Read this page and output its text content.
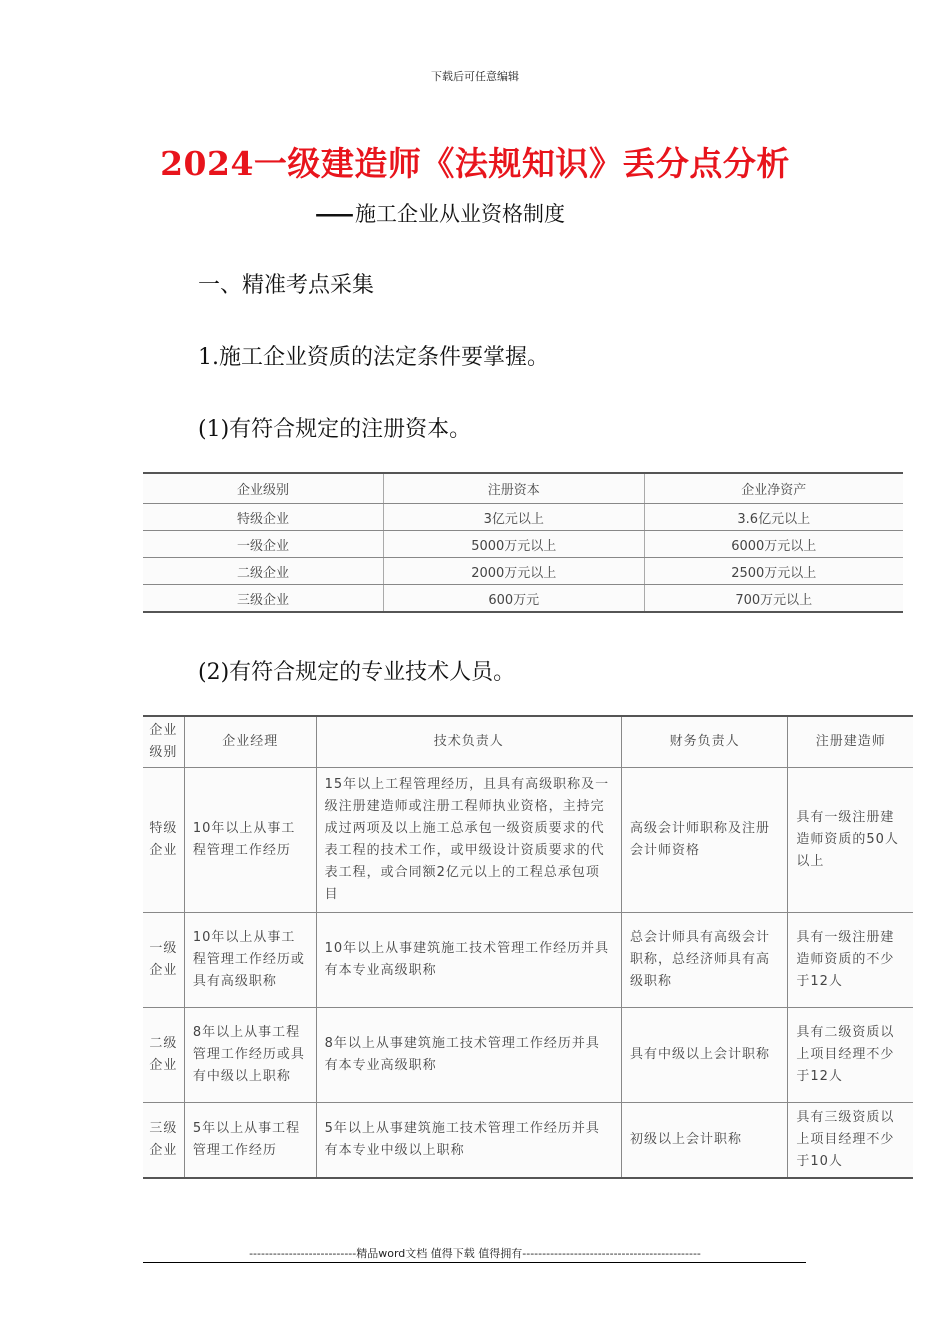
下载后可任意编辑
2024一级建造师《法规知识》丢分点分析
—— 施工企业从业资格制度
一、精准考点采集
1.施工企业资质的法定条件要掌握。
(1)有符合规定的注册资本。
企业级别	注册资本	企业净资产
特级企业	3亿元以上	3.6亿元以上
一级企业	5000万元以上	6000万元以上
二级企业	2000万元以上	2500万元以上
三级企业	600万元	700万元以上
(2)有符合规定的专业技术人员。
企业级别	企业经理	技术负责人	财务负责人	注册建造师
特级企业	10年以上从事工程管理工作经历	15年以上工程管理经历，且具有高级职称及一级注册建造师或注册工程师执业资格，主持完成过两项及以上施工总承包一级资质要求的代表工程的技术工作，或甲级设计资质要求的代表工程，或合同额2亿元以上的工程总承包项目	高级会计师职称及注册会计师资格	具有一级注册建造师资质的50人以上
一级企业	10年以上从事工程管理工作经历或具有高级职称	10年以上从事建筑施工技术管理工作经历并具有本专业高级职称	总会计师具有高级会计职称，总经济师具有高级职称	具有一级注册建造师资质的不少于12人
二级企业	8年以上从事工程管理工作经历或具有中级以上职称	8年以上从事建筑施工技术管理工作经历并具有本专业高级职称	具有中级以上会计职称	具有二级资质以上项目经理不少于12人
三级企业	5年以上从事工程管理工作经历	5年以上从事建筑施工技术管理工作经历并具有本专业中级以上职称	初级以上会计职称	具有三级资质以上项目经理不少于10人
---------------------------精品word文档 值得下载 值得拥有---------------------------------------------
